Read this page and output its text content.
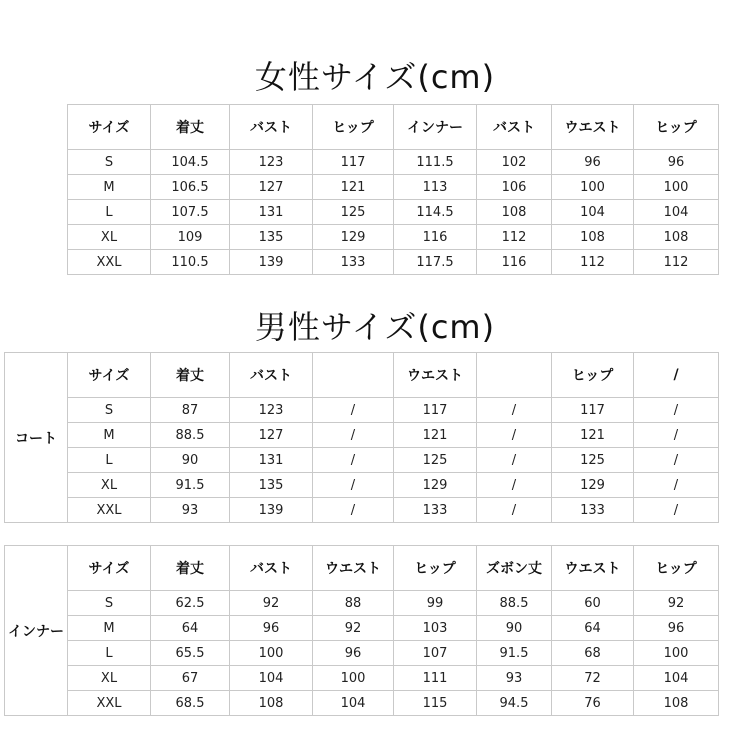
女性サイズ(cm)
サイズ	着丈	バスト	ヒップ	インナー	バスト	ウエスト	ヒップ
S	104.5	123	117	111.5	102	96	96
M	106.5	127	121	113	106	100	100
L	107.5	131	125	114.5	108	104	104
XL	109	135	129	116	112	108	108
XXL	110.5	139	133	117.5	116	112	112
男性サイズ(cm)
コート	サイズ	着丈	バスト		ウエスト		ヒップ	/
	S	87	123	/	117	/	117	/
	M	88.5	127	/	121	/	121	/
	L	90	131	/	125	/	125	/
	XL	91.5	135	/	129	/	129	/
	XXL	93	139	/	133	/	133	/
インナー	サイズ	着丈	バスト	ウエスト	ヒップ	ズボン丈	ウエスト	ヒップ
	S	62.5	92	88	99	88.5	60	92
	M	64	96	92	103	90	64	96
	L	65.5	100	96	107	91.5	68	100
	XL	67	104	100	111	93	72	104
	XXL	68.5	108	104	115	94.5	76	108
